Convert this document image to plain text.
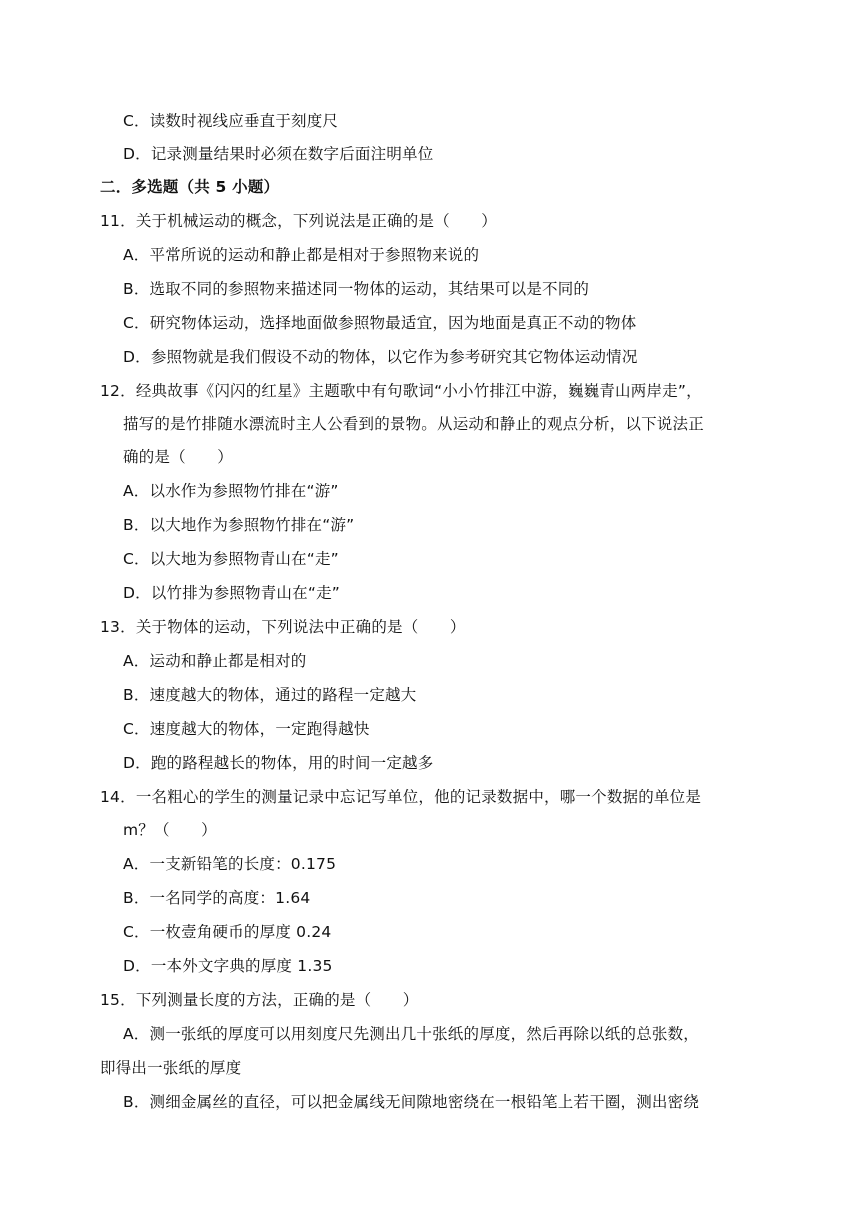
C．读数时视线应垂直于刻度尺
D．记录测量结果时必须在数字后面注明单位
二．多选题（共 5 小题）
11．关于机械运动的概念，下列说法是正确的是（　　）
A．平常所说的运动和静止都是相对于参照物来说的
B．选取不同的参照物来描述同一物体的运动，其结果可以是不同的
C．研究物体运动，选择地面做参照物最适宜，因为地面是真正不动的物体
D．参照物就是我们假设不动的物体，以它作为参考研究其它物体运动情况
12．经典故事《闪闪的红星》主题歌中有句歌词“小小竹排江中游，巍巍青山两岸走”，
描写的是竹排随水漂流时主人公看到的景物。从运动和静止的观点分析，以下说法正
确的是（　　）
A．以水作为参照物竹排在“游”
B．以大地作为参照物竹排在“游”
C．以大地为参照物青山在“走”
D．以竹排为参照物青山在“走”
13．关于物体的运动，下列说法中正确的是（　　）
A．运动和静止都是相对的
B．速度越大的物体，通过的路程一定越大
C．速度越大的物体，一定跑得越快
D．跑的路程越长的物体，用的时间一定越多
14．一名粗心的学生的测量记录中忘记写单位，他的记录数据中，哪一个数据的单位是
m？（　　）
A．一支新铅笔的长度：0.175
B．一名同学的高度：1.64
C．一枚壹角硬币的厚度 0.24
D．一本外文字典的厚度 1.35
15．下列测量长度的方法，正确的是（　　）
A．测一张纸的厚度可以用刻度尺先测出几十张纸的厚度，然后再除以纸的总张数，
即得出一张纸的厚度
B．测细金属丝的直径，可以把金属线无间隙地密绕在一根铅笔上若干圈，测出密绕
